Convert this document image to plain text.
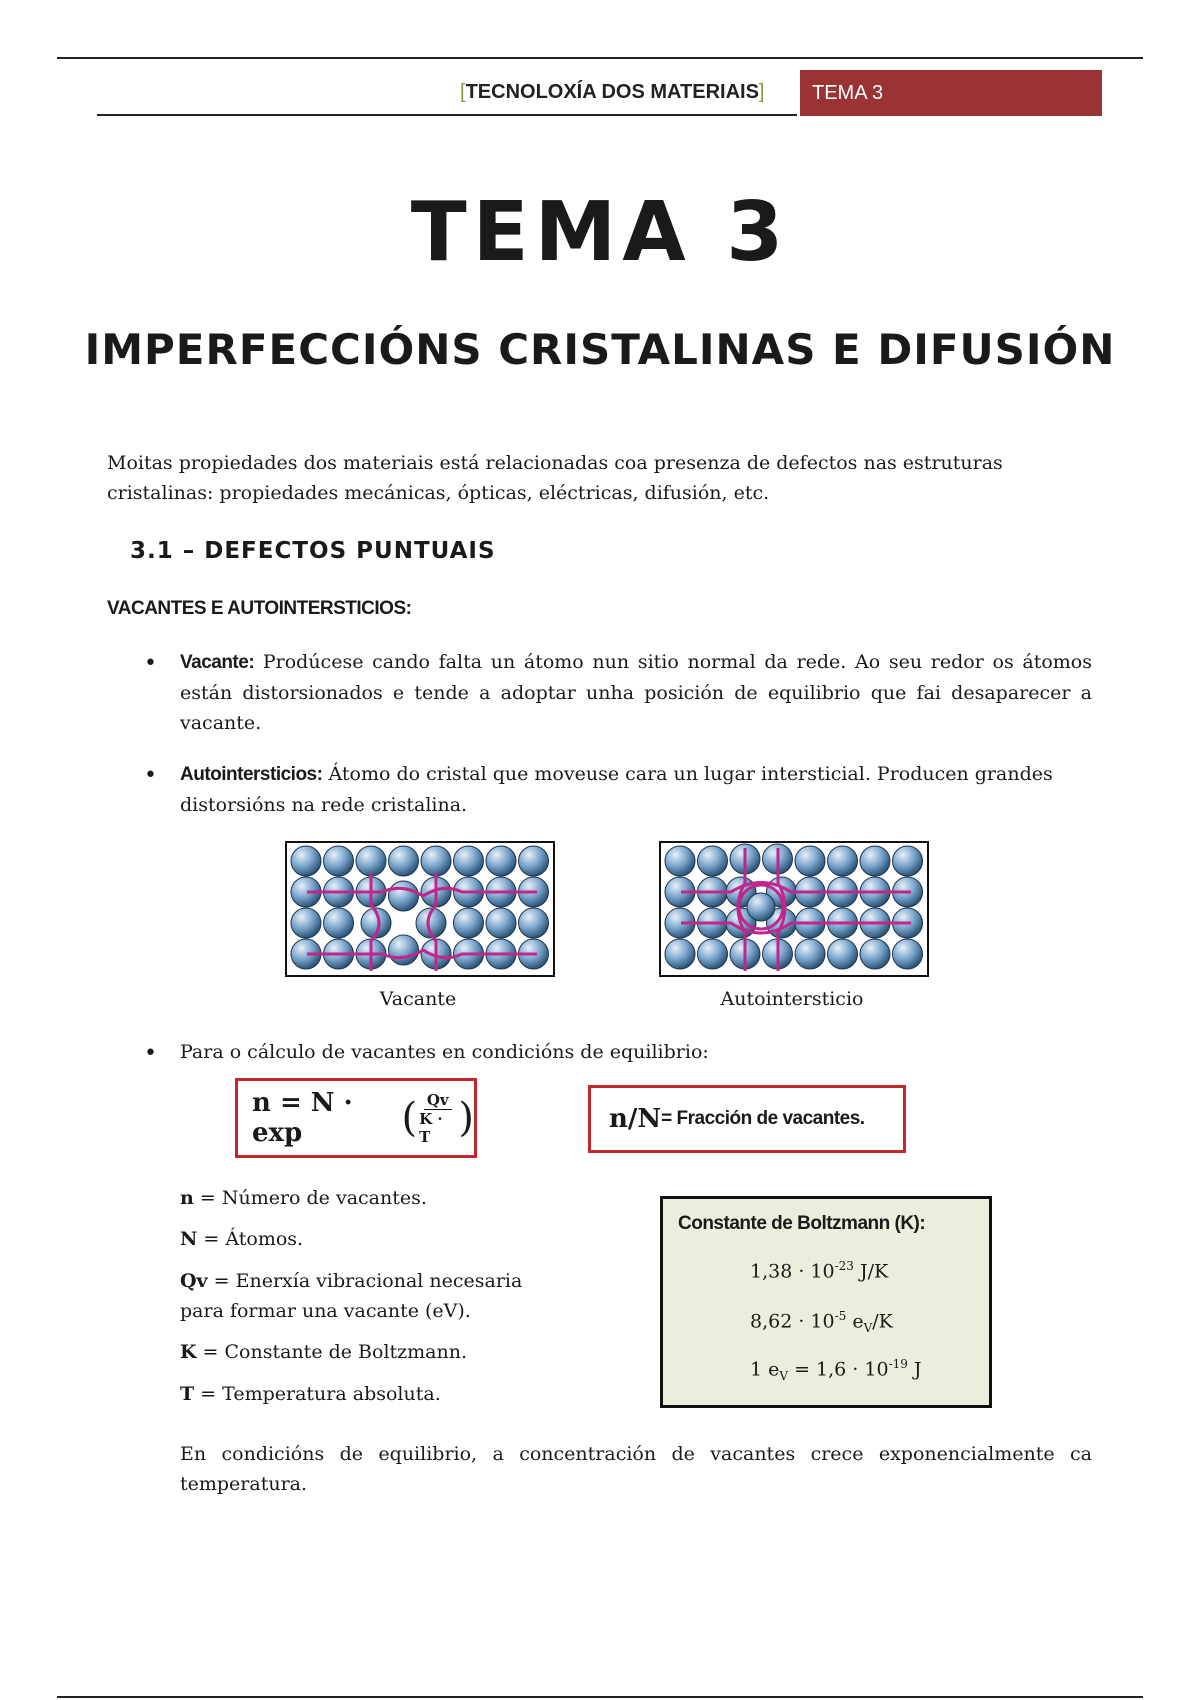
[TECNOLOXÍA DOS MATERIAIS]	TEMA 3
TEMA 3
IMPERFECCIÓNS CRISTALINAS E DIFUSIÓN
Moitas propiedades dos materiais está relacionadas coa presenza de defectos nas estruturas cristalinas: propiedades mecánicas, ópticas, eléctricas, difusión, etc.
3.1 – DEFECTOS PUNTUAIS
VACANTES E AUTOINTERSTICIOS:
• Vacante: Prodúcese cando falta un átomo nun sitio normal da rede. Ao seu redor os átomos están distorsionados e tende a adoptar unha posición de equilibrio que fai desaparecer a vacante.
• Autointersticios: Átomo do cristal que moveuse cara un lugar intersticial. Producen grandes distorsións na rede cristalina.
Vacante	Autointersticio
• Para o cálculo de vacantes en condicións de equilibrio:
n = N · exp	( $\frac{Qv}{K \cdot T}$ )	n/N = Fracción de vacantes.
n = Número de vacantes.
N = Átomos.
Qv = Enerxía vibracional necesaria
para formar una vacante (eV).
K = Constante de Boltzmann.
T = Temperatura absoluta.
Constante de Boltzmann (K):
$1,38 \cdot 10^{-23}$ J/K
$8,62 \cdot 10^{-5}$ $e_V/K$
1 $e_V = 1,6 \cdot 10^{-19}$ J
En condicións de equilibrio, a concentración de vacantes crece exponencialmente ca temperatura.
